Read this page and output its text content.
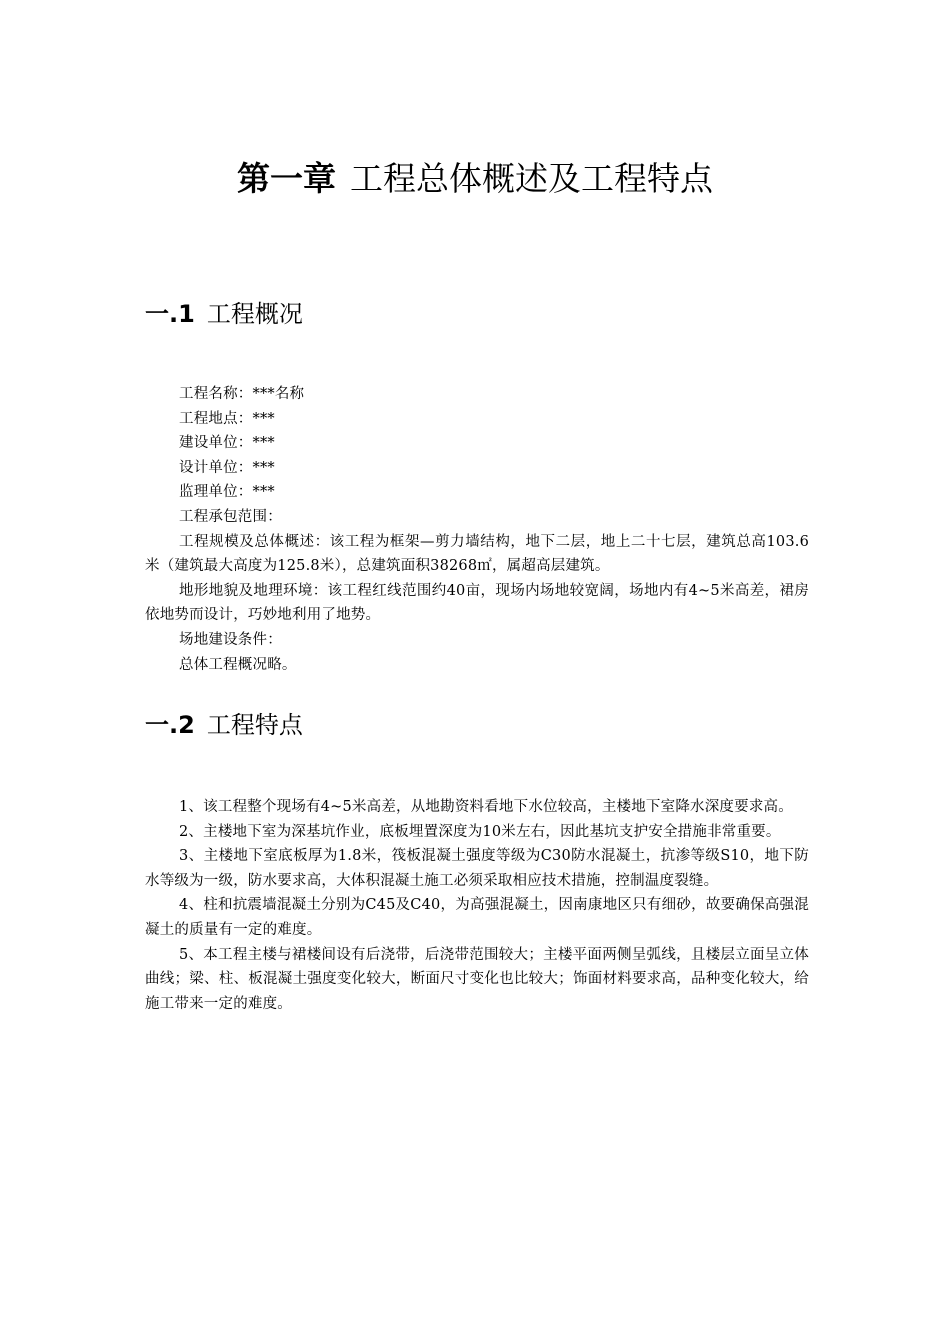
第一章 工程总体概述及工程特点
一.1 工程概况

工程名称：***名称

工程地点：***

建设单位：***

设计单位：***

监理单位：***

工程承包范围：

工程规模及总体概述：该工程为框架—剪力墙结构，地下二层，地上二十七层，建筑总高103.6米（建筑最大高度为125.8米），总建筑面积38268㎡，属超高层建筑。

地形地貌及地理环境：该工程红线范围约40亩，现场内场地较宽阔，场地内有4~5米高差，裙房依地势而设计，巧妙地利用了地势。

场地建设条件：

总体工程概况略。

一.2 工程特点

1、该工程整个现场有4~5米高差，从地勘资料看地下水位较高，主楼地下室降水深度要求高。

2、主楼地下室为深基坑作业，底板埋置深度为10米左右，因此基坑支护安全措施非常重要。

3、主楼地下室底板厚为1.8米，筏板混凝土强度等级为C30防水混凝土，抗渗等级S10，地下防水等级为一级，防水要求高，大体积混凝土施工必须采取相应技术措施，控制温度裂缝。

4、柱和抗震墙混凝土分别为C45及C40，为高强混凝土，因南康地区只有细砂，故要确保高强混凝土的质量有一定的难度。

5、本工程主楼与裙楼间设有后浇带，后浇带范围较大；主楼平面两侧呈弧线，且楼层立面呈立体曲线；梁、柱、板混凝土强度变化较大，断面尺寸变化也比较大；饰面材料要求高，品种变化较大，给施工带来一定的难度。
